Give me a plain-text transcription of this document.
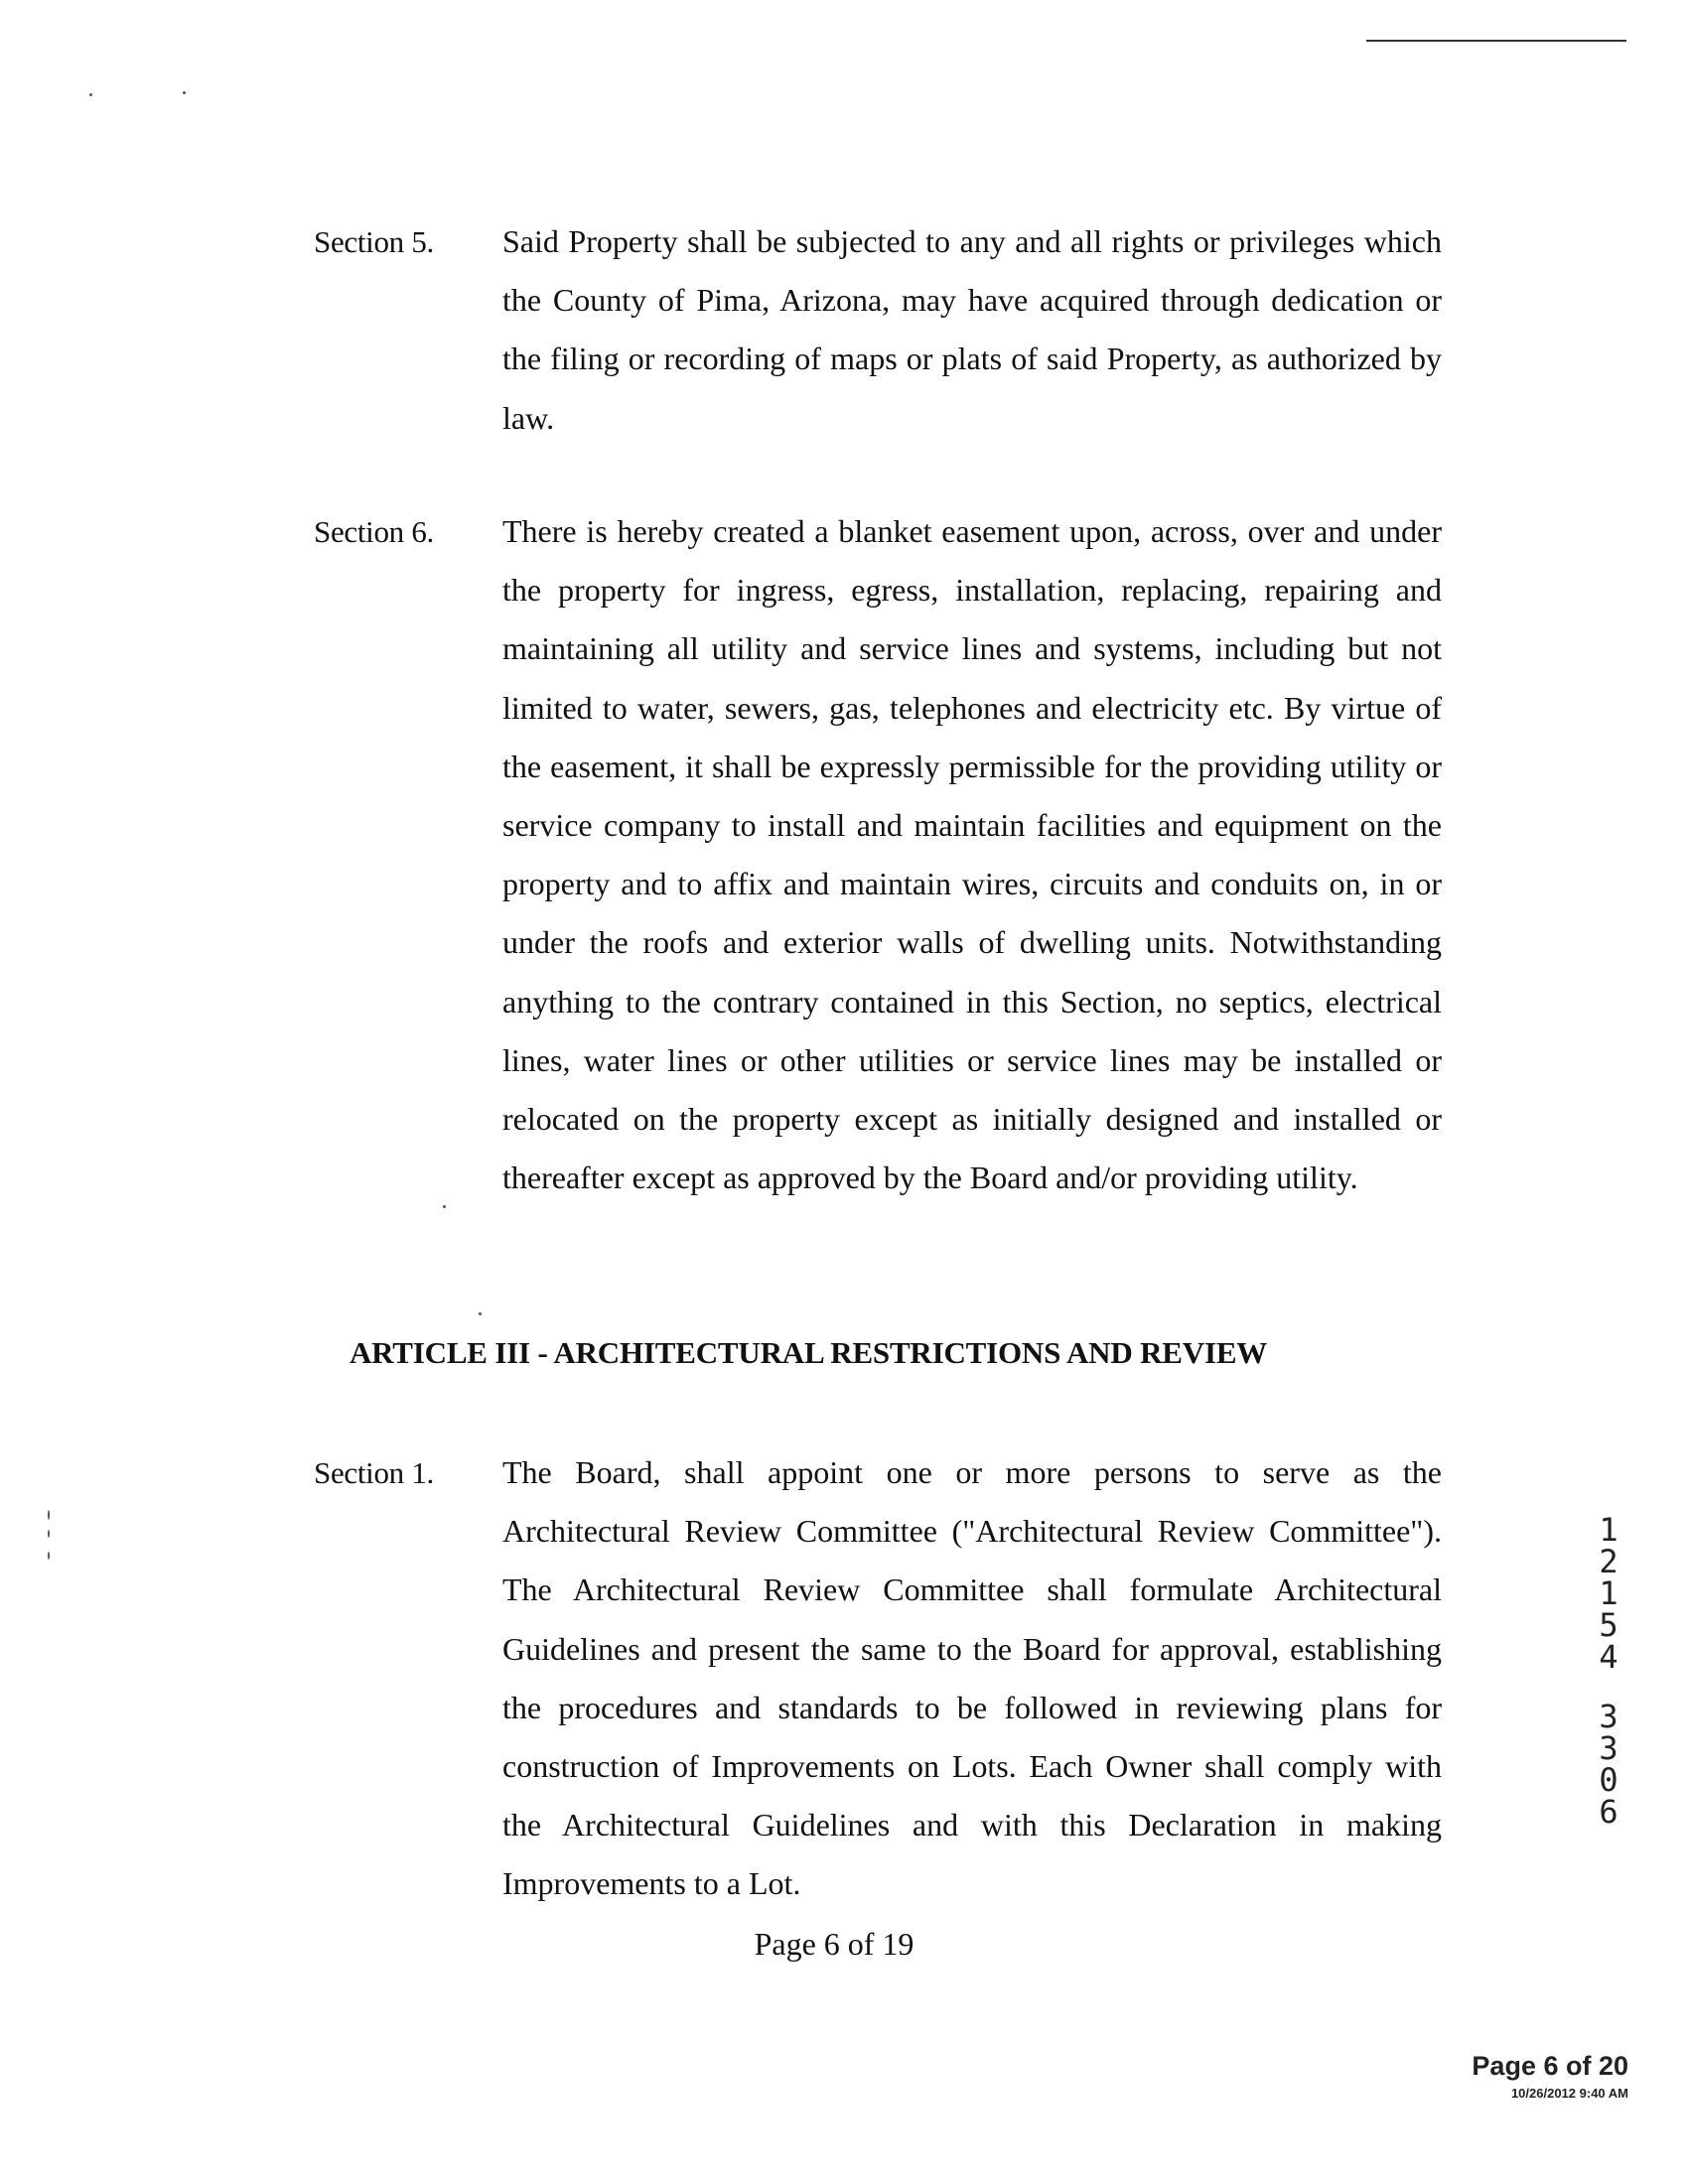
Section 5.	Said Property shall be subjected to any and all rights or privileges which the County of Pima, Arizona, may have acquired through dedication or the filing or recording of maps or plats of said Property, as authorized by law.

Section 6.	There is hereby created a blanket easement upon, across, over and under the property for ingress, egress, installation, replacing, repairing and maintaining all utility and service lines and systems, including but not limited to water, sewers, gas, telephones and electricity etc. By virtue of the easement, it shall be expressly permissible for the providing utility or service company to install and maintain facilities and equipment on the property and to affix and maintain wires, circuits and conduits on, in or under the roofs and exterior walls of dwelling units. Notwithstanding anything to the contrary contained in this Section, no septics, electrical lines, water lines or other utilities or service lines may be installed or relocated on the property except as initially designed and installed or thereafter except as approved by the Board and/or providing utility.

ARTICLE III - ARCHITECTURAL RESTRICTIONS AND REVIEW
Section 1.	The Board, shall appoint one or more persons to serve as the Architectural Review Committee ("Architectural Review Committee"). The Architectural Review Committee shall formulate Architectural Guidelines and present the same to the Board for approval, establishing the procedures and standards to be followed in reviewing plans for construction of Improvements on Lots. Each Owner shall comply with the Architectural Guidelines and with this Declaration in making Improvements to a Lot.

Page 6 of 19
1
2
1
5
4
3
3
0
6
Page 6 of 20
10/26/2012 9:40 AM
